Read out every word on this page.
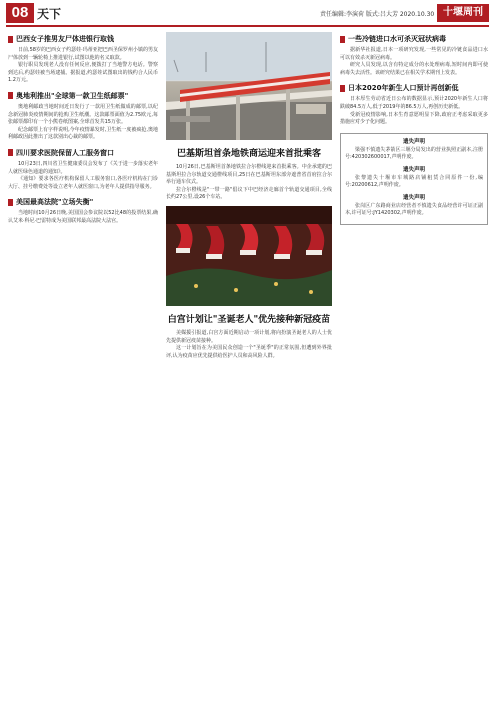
08 天下	责任编辑:李演荷 版式:吕大芳 2020.10.30 十堰周刊
巴西女子推男友尸体进银行取钱
日前,58岁的巴西女子约瑟娃·玛蒂亚把巴西圣保罗州小镇的男友尸体放到一辆轮椅上推进银行,试图以他的名义取款。
银行职员发现老人没有任何反应,便拨打了当地警方电话。警察到达后,约瑟娃被当场逮捕。据报道,约瑟娃试图取出的钱约合人民币1.2万元。
奥地利推出"全球第一款卫生纸邮票"
奥地利邮政当地时间近日发行了一款用卫生纸做成的邮票,以纪念新冠肺炎疫情期间的抢购卫生纸潮。这款邮票面值为2.75欧元,每张邮票都印有一个小熊卷纸图案,全球首发共15万张。
纪念邮票上有字样说明,今年疫情暴发时,卫生纸一度被疯抢,奥地利邮政因此推出了这款别出心裁的邮票。
四川要求医院保留人工服务窗口
10月23日,四川省卫生健康委员会发布了《关于进一步落实老年人就医绿色通道的通知》。
《通知》要求各医疗机构保留人工服务窗口,各医疗机构在门诊大厅、挂号缴费处等设立老年人就医窗口,为老年人提供指导服务。
美国最高法院"立场失衡"
当地时间10月26日晚,美国国会参议院以52比48的投票结果,确认艾米·科尼·巴雷特成为美国联邦最高法院大法官。
巴基斯坦首条地铁商运迎来首批乘客
10月26日,巴基斯坦首条地铁拉合尔橙线迎来首批乘客。中企承建的巴基斯坦拉合尔轨道交通橙线项目,25日在巴基斯坦东部旁遮普省首府拉合尔举行通车仪式。
拉合尔橙线是"一带一路"倡议下中巴经济走廊首个轨道交通项目,全线长约27公里,设26个车站。
白宫计划让"圣诞老人"优先接种新冠疫苗
美媒援引报道,白宫方面近期启动一项计划,将向扮演圣诞老人的人士优先提供新冠疫苗接种。
这一计划旨在为美国民众创造一个"圣诞季"的正常氛围,但遭到外界批评,认为疫苗应优先提供给医护人员和高风险人群。
一些冷链进口水可杀灭冠状病毒
据新华社报道,日本一项研究发现,一些常见的冷链食品进口水可以有效杀灭新冠病毒。
研究人员发现,以含有特定成分的水处理病毒,短时间内即可使病毒失去活性。该研究结果已在相关学术期刊上发表。
日本2020年新生人口预计再创新低
日本厚生劳动省近日公布的数据显示,预计2020年新生人口将跌破84.5万人,低于2019年的86.5万人,再创历史新低。
受新冠疫情影响,日本生育意愿明显下降,政府正考虑采取更多措施应对少子化问题。
遗失声明
梁强不慎遗失茅箭区三堰分局发出的营业执照正副本,注册号:420302600017,声明作废。
遗失声明
张黎遗失十堰市车城路店铺租赁合同原件一份,编号:20200612,声明作废。
遗失声明
张岗区广东路商业店经营者不慎遗失食品经营许可证正副本,许可证号:JY1420302,声明作废。
